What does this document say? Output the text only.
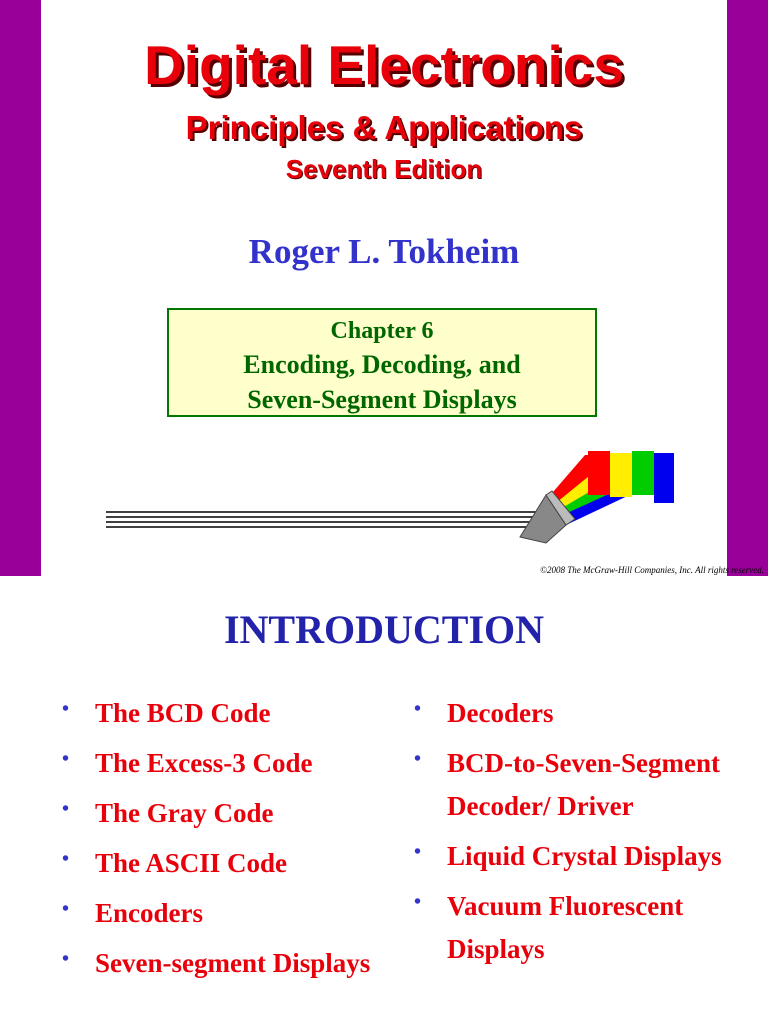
Digital Electronics
Principles & Applications
Seventh Edition
Roger L. Tokheim
Chapter 6
Encoding, Decoding, and
Seven-Segment Displays
©2008 The McGraw-Hill Companies, Inc. All rights reserved.
INTRODUCTION
• The BCD Code
• The Excess-3 Code
• The Gray Code
• The ASCII Code
• Encoders
• Seven-segment Displays
• Decoders
• BCD-to-Seven-Segment Decoder/ Driver
• Liquid Crystal Displays
• Vacuum Fluorescent Displays
